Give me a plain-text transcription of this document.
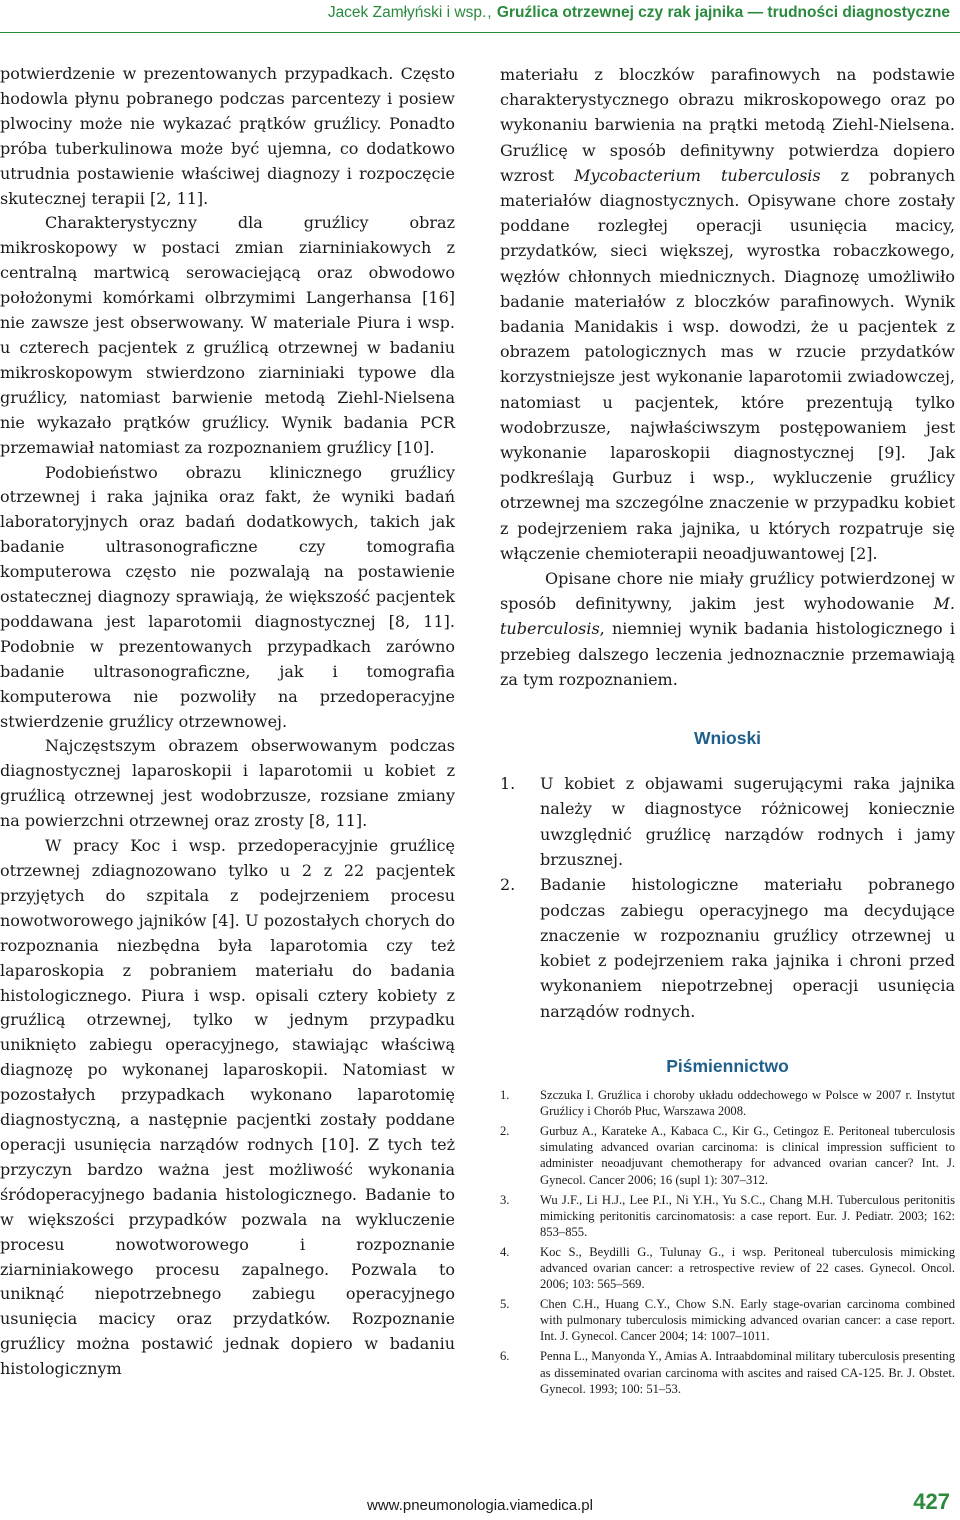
Jacek Zamłyński i wsp., Gruźlica otrzewnej czy rak jajnika — trudności diagnostyczne

potwierdzenie w prezentowanych przypadkach. Często hodowla płynu pobranego podczas parcentezy i posiew plwociny może nie wykazać prątków gruźlicy. Ponadto próba tuberkulinowa może być ujemna, co dodatkowo utrudnia postawienie właściwej diagnozy i rozpoczęcie skutecznej terapii [2, 11].

Charakterystyczny dla gruźlicy obraz mikroskopowy w postaci zmian ziarniniakowych z centralną martwicą serowaciejącą oraz obwodowo położonymi komórkami olbrzymimi Langerhansa [16] nie zawsze jest obserwowany. W materiale Piura i wsp. u czterech pacjentek z gruźlicą otrzewnej w badaniu mikroskopowym stwierdzono ziarniniaki typowe dla gruźlicy, natomiast barwienie metodą Ziehl-Nielsena nie wykazało prątków gruźlicy. Wynik badania PCR przemawiał natomiast za rozpoznaniem gruźlicy [10].

Podobieństwo obrazu klinicznego gruźlicy otrzewnej i raka jajnika oraz fakt, że wyniki badań laboratoryjnych oraz badań dodatkowych, takich jak badanie ultrasonograficzne czy tomografia komputerowa często nie pozwalają na postawienie ostatecznej diagnozy sprawiają, że większość pacjentek poddawana jest laparotomii diagnostycznej [8, 11]. Podobnie w prezentowanych przypadkach zarówno badanie ultrasonograficzne, jak i tomografia komputerowa nie pozwoliły na przedoperacyjne stwierdzenie gruźlicy otrzewnowej.

Najczęstszym obrazem obserwowanym podczas diagnostycznej laparoskopii i laparotomii u kobiet z gruźlicą otrzewnej jest wodobrzusze, rozsiane zmiany na powierzchni otrzewnej oraz zrosty [8, 11].

W pracy Koc i wsp. przedoperacyjnie gruźlicę otrzewnej zdiagnozowano tylko u 2 z 22 pacjentek przyjętych do szpitala z podejrzeniem procesu nowotworowego jajników [4]. U pozostałych chorych do rozpoznania niezbędna była laparotomia czy też laparoskopia z pobraniem materiału do badania histologicznego. Piura i wsp. opisali cztery kobiety z gruźlicą otrzewnej, tylko w jednym przypadku uniknięto zabiegu operacyjnego, stawiając właściwą diagnozę po wykonanej laparoskopii. Natomiast w pozostałych przypadkach wykonano laparotomię diagnostyczną, a następnie pacjentki zostały poddane operacji usunięcia narządów rodnych [10]. Z tych też przyczyn bardzo ważna jest możliwość wykonania śródoperacyjnego badania histologicznego. Badanie to w większości przypadków pozwala na wykluczenie procesu nowotworowego i rozpoznanie ziarniniakowego procesu zapalnego. Pozwala to uniknąć niepotrzebnego zabiegu operacyjnego usunięcia macicy oraz przydatków. Rozpoznanie gruźlicy można postawić jednak dopiero w badaniu histologicznym

materiału z bloczków parafinowych na podstawie charakterystycznego obrazu mikroskopowego oraz po wykonaniu barwienia na prątki metodą Ziehl-Nielsena. Gruźlicę w sposób definitywny potwierdza dopiero wzrost Mycobacterium tuberculosis z pobranych materiałów diagnostycznych. Opisywane chore zostały poddane rozległej operacji usunięcia macicy, przydatków, sieci większej, wyrostka robaczkowego, węzłów chłonnych miednicznych. Diagnozę umożliwiło badanie materiałów z bloczków parafinowych. Wynik badania Manidakis i wsp. dowodzi, że u pacjentek z obrazem patologicznych mas w rzucie przydatków korzystniejsze jest wykonanie laparotomii zwiadowczej, natomiast u pacjentek, które prezentują tylko wodobrzusze, najwłaściwszym postępowaniem jest wykonanie laparoskopii diagnostycznej [9]. Jak podkreślają Gurbuz i wsp., wykluczenie gruźlicy otrzewnej ma szczególne znaczenie w przypadku kobiet z podejrzeniem raka jajnika, u których rozpatruje się włączenie chemioterapii neoadjuwantowej [2].

Opisane chore nie miały gruźlicy potwierdzonej w sposób definitywny, jakim jest wyhodowanie M. tuberculosis, niemniej wynik badania histologicznego i przebieg dalszego leczenia jednoznacznie przemawiają za tym rozpoznaniem.

Wnioski
1.	U kobiet z objawami sugerującymi raka jajnika należy w diagnostyce różnicowej koniecznie uwzględnić gruźlicę narządów rodnych i jamy brzusznej.
2.	Badanie histologiczne materiału pobranego podczas zabiegu operacyjnego ma decydujące znaczenie w rozpoznaniu gruźlicy otrzewnej u kobiet z podejrzeniem raka jajnika i chroni przed wykonaniem niepotrzebnej operacji usunięcia narządów rodnych.
Piśmiennictwo
1.	Szczuka I. Gruźlica i choroby układu oddechowego w Polsce w 2007 r. Instytut Gruźlicy i Chorób Płuc, Warszawa 2008.
2.	Gurbuz A., Karateke A., Kabaca C., Kir G., Cetingoz E. Peritoneal tuberculosis simulating advanced ovarian carcinoma: is clinical impression sufficient to administer neoadjuvant chemotherapy for advanced ovarian cancer? Int. J. Gynecol. Cancer 2006; 16 (supl 1): 307–312.
3.	Wu J.F., Li H.J., Lee P.I., Ni Y.H., Yu S.C., Chang M.H. Tuberculous peritonitis mimicking peritonitis carcinomatosis: a case report. Eur. J. Pediatr. 2003; 162: 853–855.
4.	Koc S., Beydilli G., Tulunay G., i wsp. Peritoneal tuberculosis mimicking advanced ovarian cancer: a retrospective review of 22 cases. Gynecol. Oncol. 2006; 103: 565–569.
5.	Chen C.H., Huang C.Y., Chow S.N. Early stage-ovarian carcinoma combined with pulmonary tuberculosis mimicking advanced ovarian cancer: a case report. Int. J. Gynecol. Cancer 2004; 14: 1007–1011.
6.	Penna L., Manyonda Y., Amias A. Intraabdominal military tuberculosis presenting as disseminated ovarian carcinoma with ascites and raised CA-125. Br. J. Obstet. Gynecol. 1993; 100: 51–53.
www.pneumonologia.viamedica.pl	427
